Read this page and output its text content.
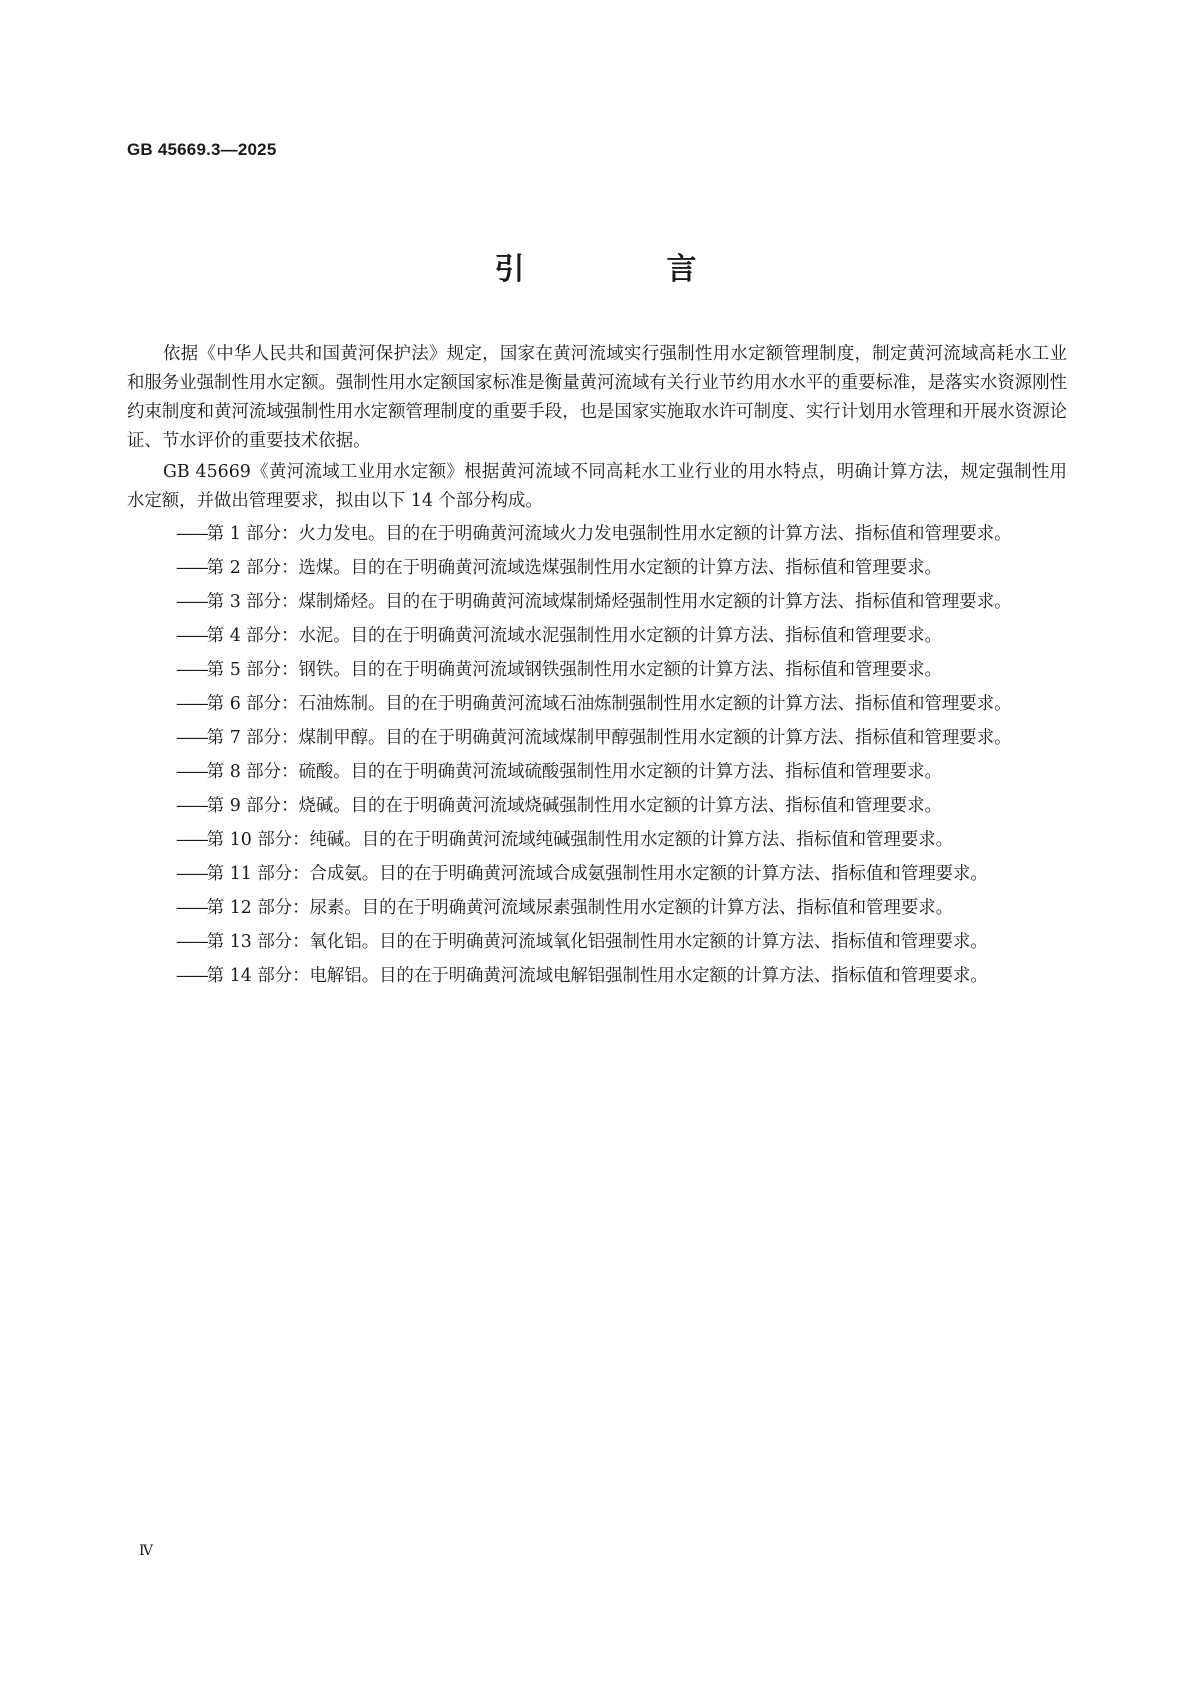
GB 45669.3—2025
引　言

依据《中华人民共和国黄河保护法》规定，国家在黄河流域实行强制性用水定额管理制度，制定黄河流域高耗水工业和服务业强制性用水定额。强制性用水定额国家标准是衡量黄河流域有关行业节约用水水平的重要标准，是落实水资源刚性约束制度和黄河流域强制性用水定额管理制度的重要手段，也是国家实施取水许可制度、实行计划用水管理和开展水资源论证、节水评价的重要技术依据。

GB 45669《黄河流域工业用水定额》根据黄河流域不同高耗水工业行业的用水特点，明确计算方法，规定强制性用水定额，并做出管理要求，拟由以下 14 个部分构成。

——第 1 部分：火力发电。目的在于明确黄河流域火力发电强制性用水定额的计算方法、指标值和管理要求。
——第 2 部分：选煤。目的在于明确黄河流域选煤强制性用水定额的计算方法、指标值和管理要求。
——第 3 部分：煤制烯烃。目的在于明确黄河流域煤制烯烃强制性用水定额的计算方法、指标值和管理要求。
——第 4 部分：水泥。目的在于明确黄河流域水泥强制性用水定额的计算方法、指标值和管理要求。
——第 5 部分：钢铁。目的在于明确黄河流域钢铁强制性用水定额的计算方法、指标值和管理要求。
——第 6 部分：石油炼制。目的在于明确黄河流域石油炼制强制性用水定额的计算方法、指标值和管理要求。
——第 7 部分：煤制甲醇。目的在于明确黄河流域煤制甲醇强制性用水定额的计算方法、指标值和管理要求。
——第 8 部分：硫酸。目的在于明确黄河流域硫酸强制性用水定额的计算方法、指标值和管理要求。
——第 9 部分：烧碱。目的在于明确黄河流域烧碱强制性用水定额的计算方法、指标值和管理要求。
——第 10 部分：纯碱。目的在于明确黄河流域纯碱强制性用水定额的计算方法、指标值和管理要求。
——第 11 部分：合成氨。目的在于明确黄河流域合成氨强制性用水定额的计算方法、指标值和管理要求。
——第 12 部分：尿素。目的在于明确黄河流域尿素强制性用水定额的计算方法、指标值和管理要求。
——第 13 部分：氧化铝。目的在于明确黄河流域氧化铝强制性用水定额的计算方法、指标值和管理要求。
——第 14 部分：电解铝。目的在于明确黄河流域电解铝强制性用水定额的计算方法、指标值和管理要求。
Ⅳ
